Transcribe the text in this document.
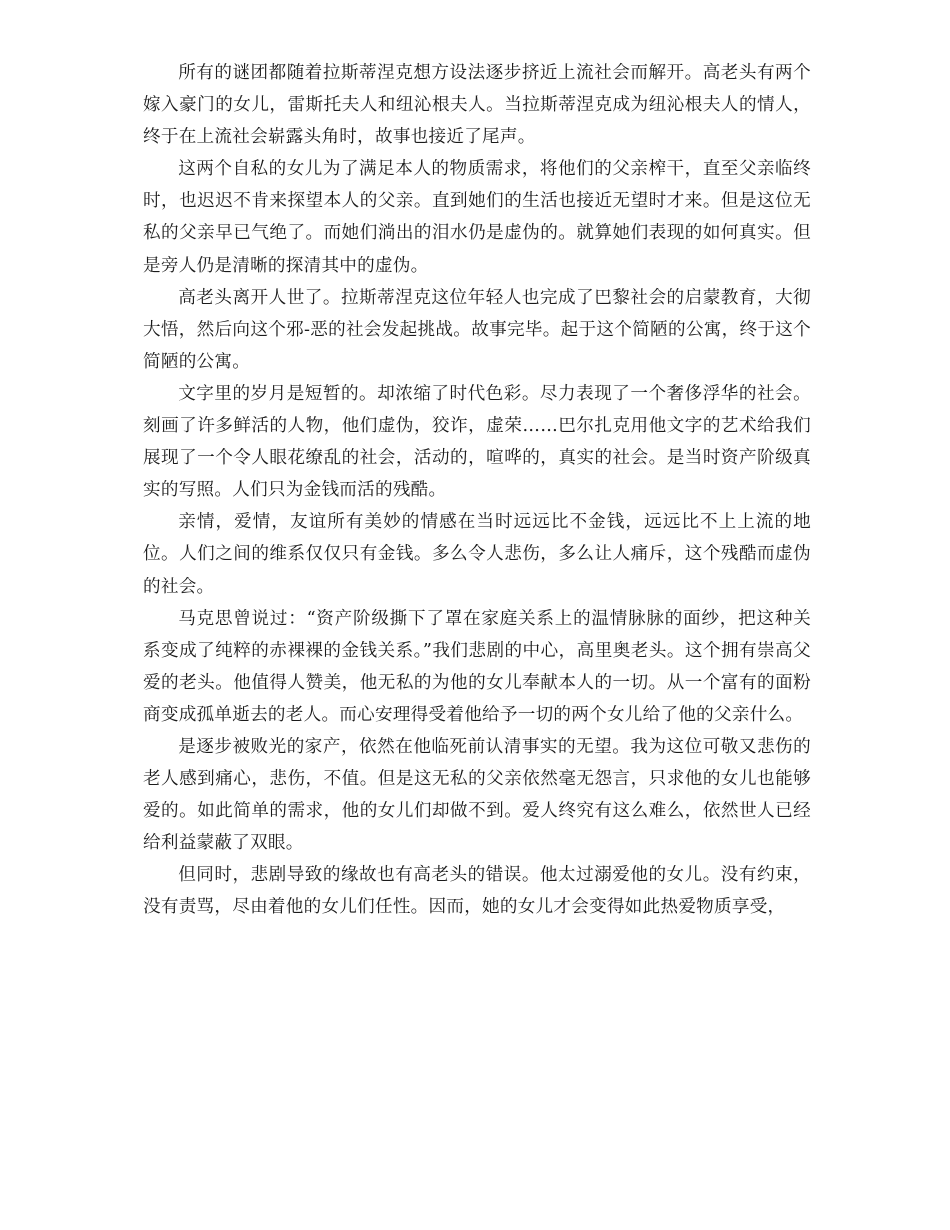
所有的谜团都随着拉斯蒂涅克想方设法逐步挤近上流社会而解开。高老头有两个嫁入豪门的女儿，雷斯托夫人和纽沁根夫人。当拉斯蒂涅克成为纽沁根夫人的情人，终于在上流社会崭露头角时，故事也接近了尾声。

这两个自私的女儿为了满足本人的物质需求，将他们的父亲榨干，直至父亲临终时，也迟迟不肯来探望本人的父亲。直到她们的生活也接近无望时才来。但是这位无私的父亲早已气绝了。而她们淌出的泪水仍是虚伪的。就算她们表现的如何真实。但是旁人仍是清晰的探清其中的虚伪。

高老头离开人世了。拉斯蒂涅克这位年轻人也完成了巴黎社会的启蒙教育，大彻大悟，然后向这个邪-恶的社会发起挑战。故事完毕。起于这个简陋的公寓，终于这个简陋的公寓。

文字里的岁月是短暂的。却浓缩了时代色彩。尽力表现了一个奢侈浮华的社会。刻画了许多鲜活的人物，他们虚伪，狡诈，虚荣……巴尔扎克用他文字的艺术给我们展现了一个令人眼花缭乱的社会，活动的，喧哗的，真实的社会。是当时资产阶级真实的写照。人们只为金钱而活的残酷。

亲情，爱情，友谊所有美妙的情感在当时远远比不金钱，远远比不上上流的地位。人们之间的维系仅仅只有金钱。多么令人悲伤，多么让人痛斥，这个残酷而虚伪的社会。

马克思曾说过：“资产阶级撕下了罩在家庭关系上的温情脉脉的面纱，把这种关系变成了纯粹的赤裸裸的金钱关系。”我们悲剧的中心，高里奥老头。这个拥有崇高父爱的老头。他值得人赞美，他无私的为他的女儿奉献本人的一切。从一个富有的面粉商变成孤单逝去的老人。而心安理得受着他给予一切的两个女儿给了他的父亲什么。

是逐步被败光的家产，依然在他临死前认清事实的无望。我为这位可敬又悲伤的老人感到痛心，悲伤，不值。但是这无私的父亲依然毫无怨言，只求他的女儿也能够爱的。如此简单的需求，他的女儿们却做不到。爱人终究有这么难么，依然世人已经给利益蒙蔽了双眼。

但同时，悲剧导致的缘故也有高老头的错误。他太过溺爱他的女儿。没有约束，没有责骂，尽由着他的女儿们任性。因而，她的女儿才会变得如此热爱物质享受，
